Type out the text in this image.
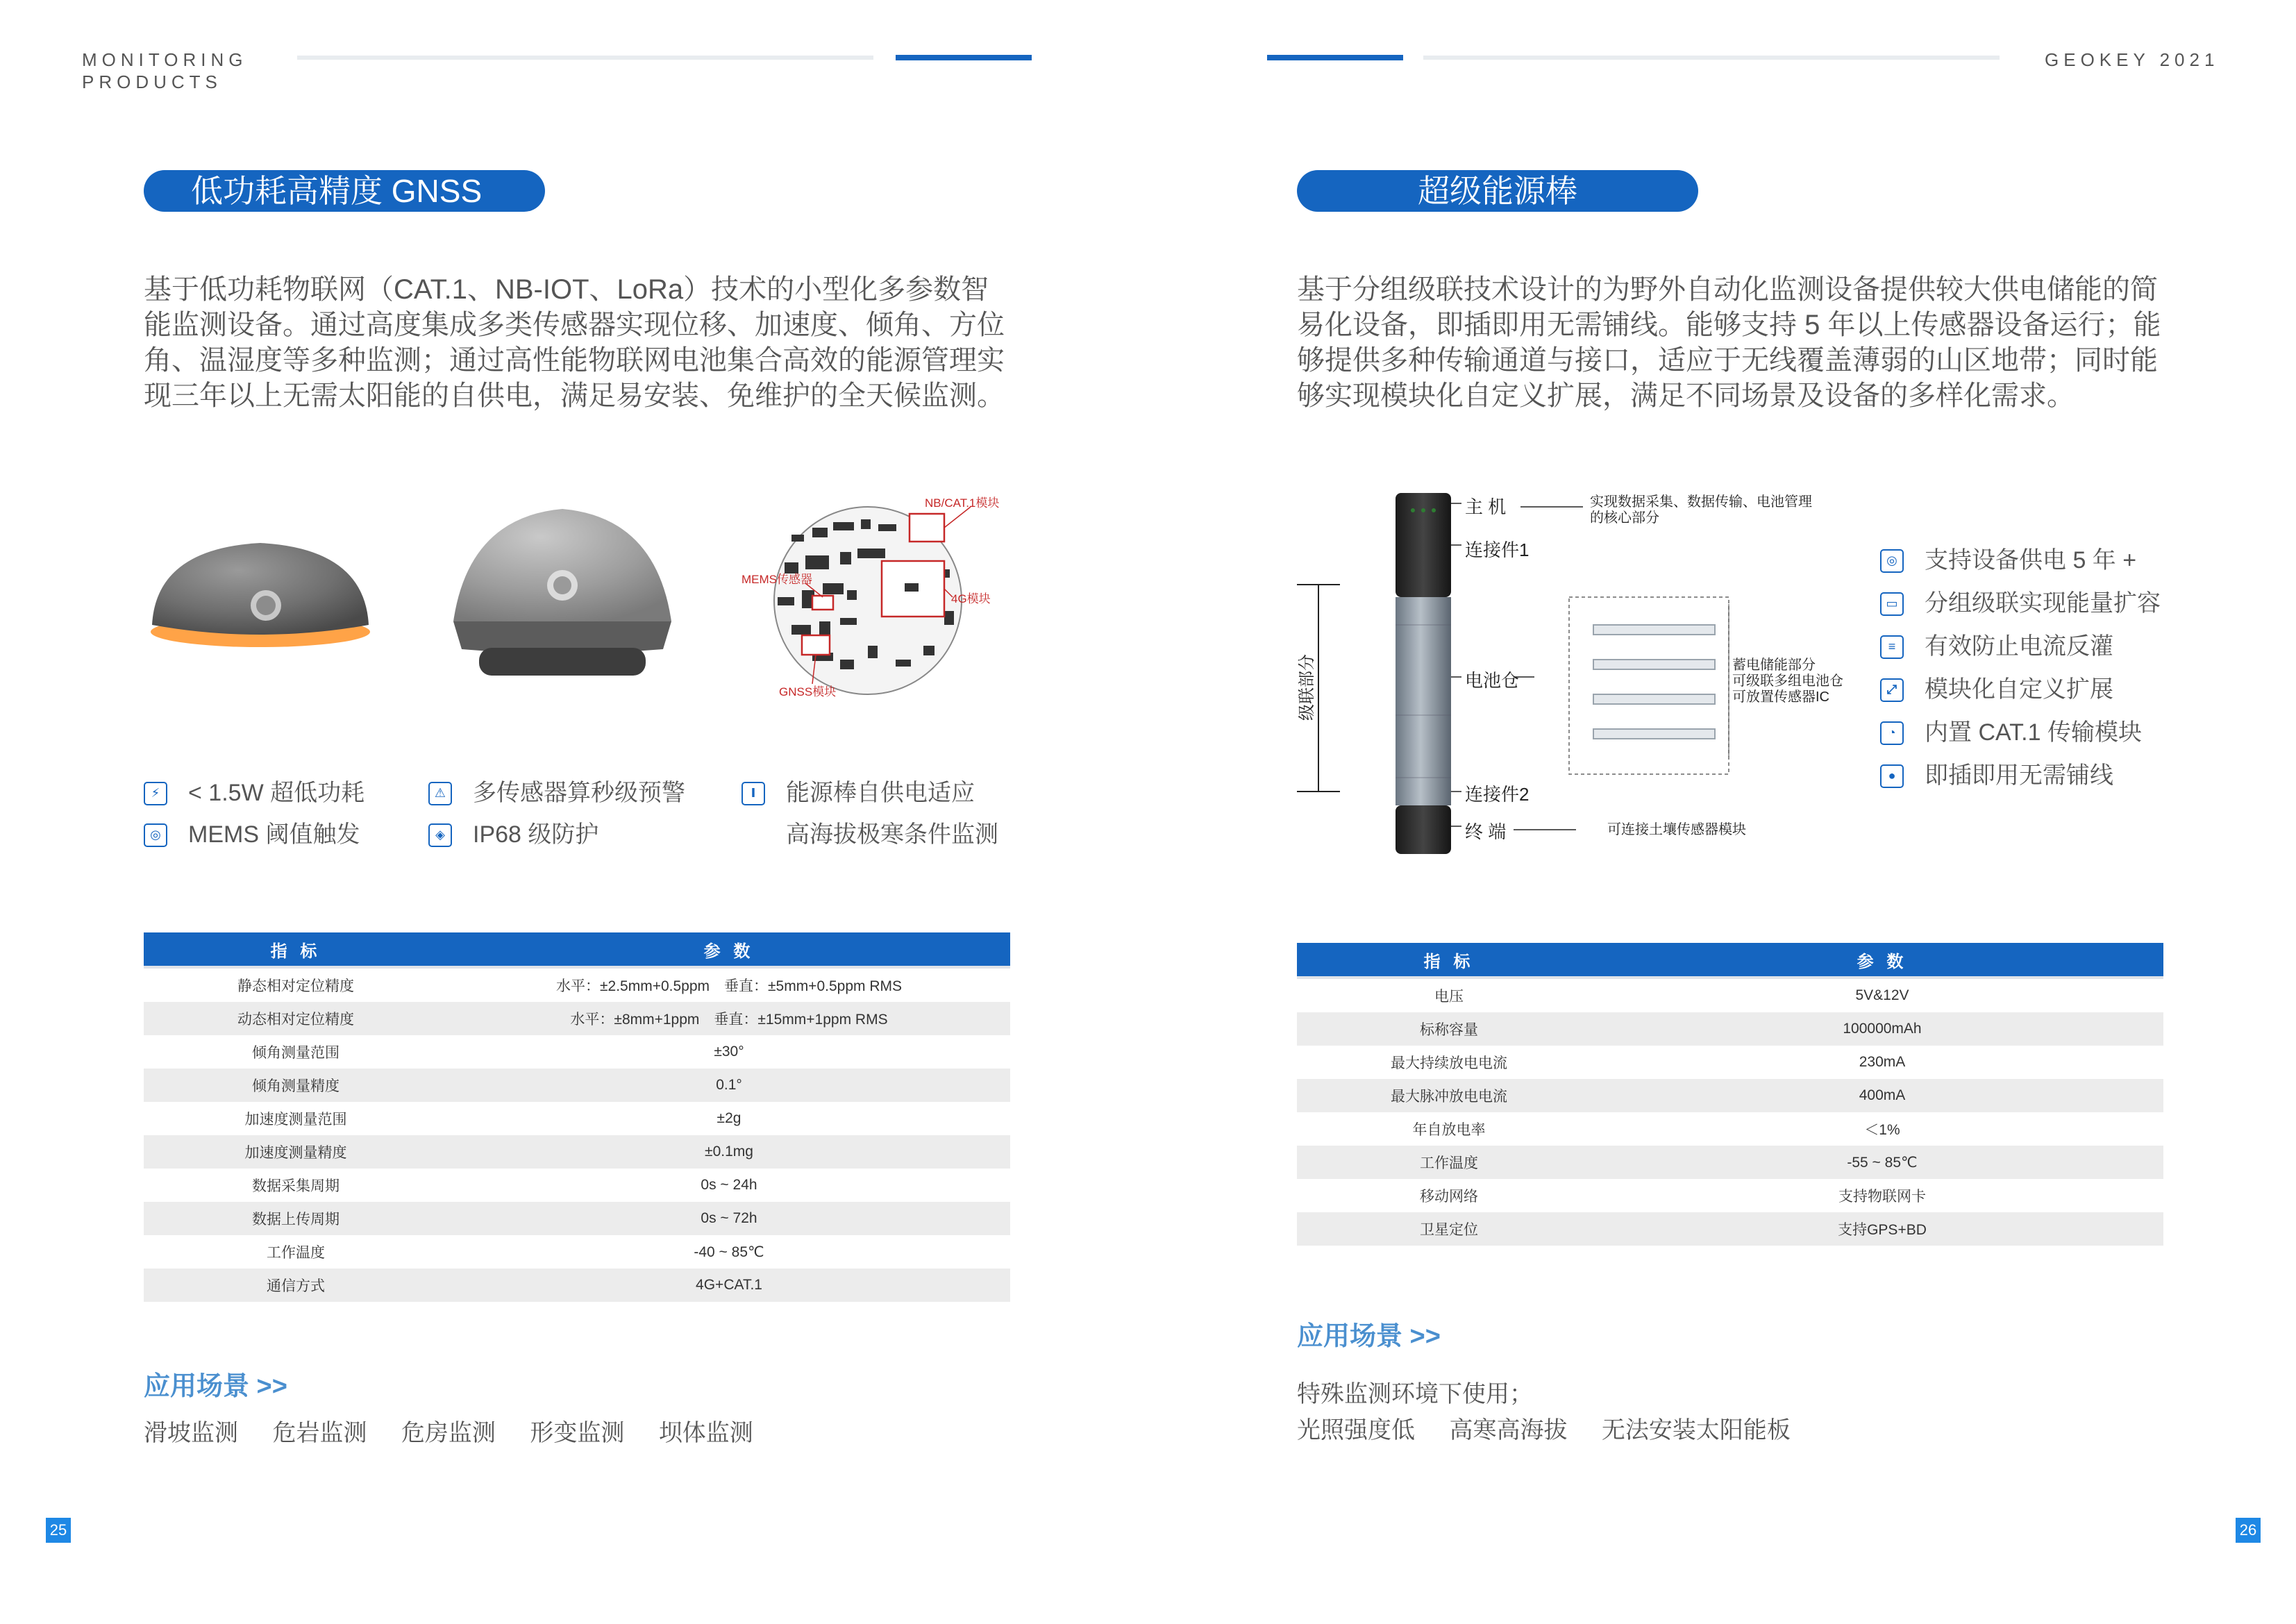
MONITORING
PRODUCTS
GEOKEY 2021
低功耗高精度 GNSS
基于低功耗物联网（CAT.1、NB-IOT、LoRa）技术的小型化多参数智能监测设备。通过高度集成多类传感器实现位移、加速度、倾角、方位角、温湿度等多种监测；通过高性能物联网电池集合高效的能源管理实现三年以上无需太阳能的自供电，满足易安装、免维护的全天候监测。
NB/CAT.1模块
MEMS传感器
4G模块
GNSS模块
⚡	< 1.5W 超低功耗
◎ MEMS 阈值触发
⚠ 多传感器算秒级预警
◈ IP68 级防护
Ⅰ	能源棒自供电适应
高海拔极寒条件监测
指 标	参 数
静态相对定位精度	水平：±2.5mm+0.5ppm　垂直：±5mm+0.5ppm RMS
动态相对定位精度	水平：±8mm+1ppm　垂直：±15mm+1ppm RMS
倾角测量范围	±30°
倾角测量精度	0.1°
加速度测量范围	±2g
加速度测量精度	±0.1mg
数据采集周期	0s ~ 24h
数据上传周期	0s ~ 72h
工作温度	-40 ~ 85℃
通信方式	4G+CAT.1
应用场景 >>
滑坡监测 危岩监测 危房监测 形变监测 坝体监测
25
超级能源棒
基于分组级联技术设计的为野外自动化监测设备提供较大供电储能的简易化设备，即插即用无需铺线。能够支持 5 年以上传感器设备运行；能够提供多种传输通道与接口，适应于无线覆盖薄弱的山区地带；同时能够实现模块化自定义扩展，满足不同场景及设备的多样化需求。
级联部分
主 机	实现数据采集、数据传输、电池管理的核心部分
连接件1
电池仓
蓄电储能部分
可级联多组电池仓
可放置传感器IC
连接件2
终 端	可连接土壤传感器模块
◎ 支持设备供电 5 年 +
▭ 分组级联实现能量扩容
≡	有效防止电流反灌
⤢ 模块化自定义扩展
◔	内置 CAT.1 传输模块
●	即插即用无需铺线
指 标	参 数
电压	5V&12V
标称容量	100000mAh
最大持续放电电流	230mA
最大脉冲放电电流	400mA
年自放电率	＜1%
工作温度	-55 ~ 85℃
移动网络	支持物联网卡
卫星定位	支持GPS+BD
应用场景 >>
特殊监测环境下使用；
光照强度低 高寒高海拔 无法安装太阳能板
26
